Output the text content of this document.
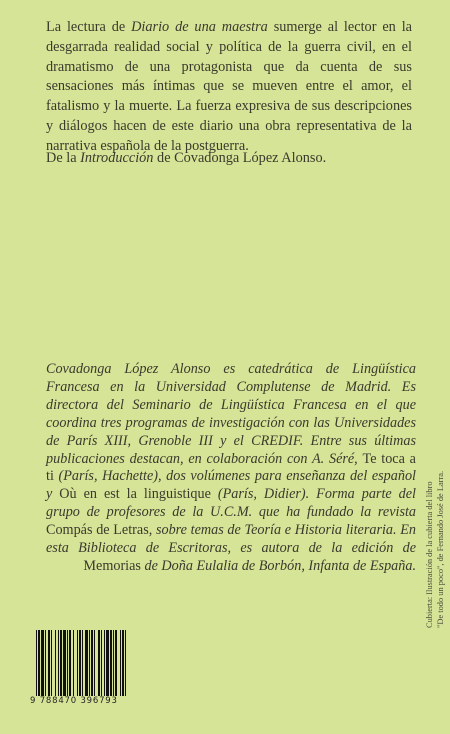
La lectura de Diario de una maestra sumerge al lector en la desgarrada realidad social y política de la guerra civil, en el dramatismo de una protagonista que da cuenta de sus sensaciones más íntimas que se mueven entre el amor, el fatalismo y la muerte. La fuerza expresiva de sus descripciones y diálogos hacen de este diario una obra representativa de la narrativa española de la postguerra.

De la Introducción de Covadonga López Alonso.

Covadonga López Alonso es catedrática de Lingüística Francesa en la Universidad Complutense de Madrid. Es directora del Seminario de Lingüística Francesa en el que coordina tres programas de investigación con las Universidades de París XIII, Grenoble III y el CREDIF. Entre sus últimas publicaciones destacan, en colaboración con A. Séré, Te toca a ti (París, Hachette), dos volúmenes para enseñanza del español y Où en est la linguistique (París, Didier). Forma parte del grupo de profesores de la U.C.M. que ha fundado la revista Compás de Letras, sobre temas de Teoría e Historia literaria. En esta Biblioteca de Escritoras, es autora de la edición de Memorias de Doña Eulalia de Borbón, Infanta de España. Cubierta: Ilustración de la cubierta del libro "De todo un poco", de Fernando José de Larra.
9 788470 396793
